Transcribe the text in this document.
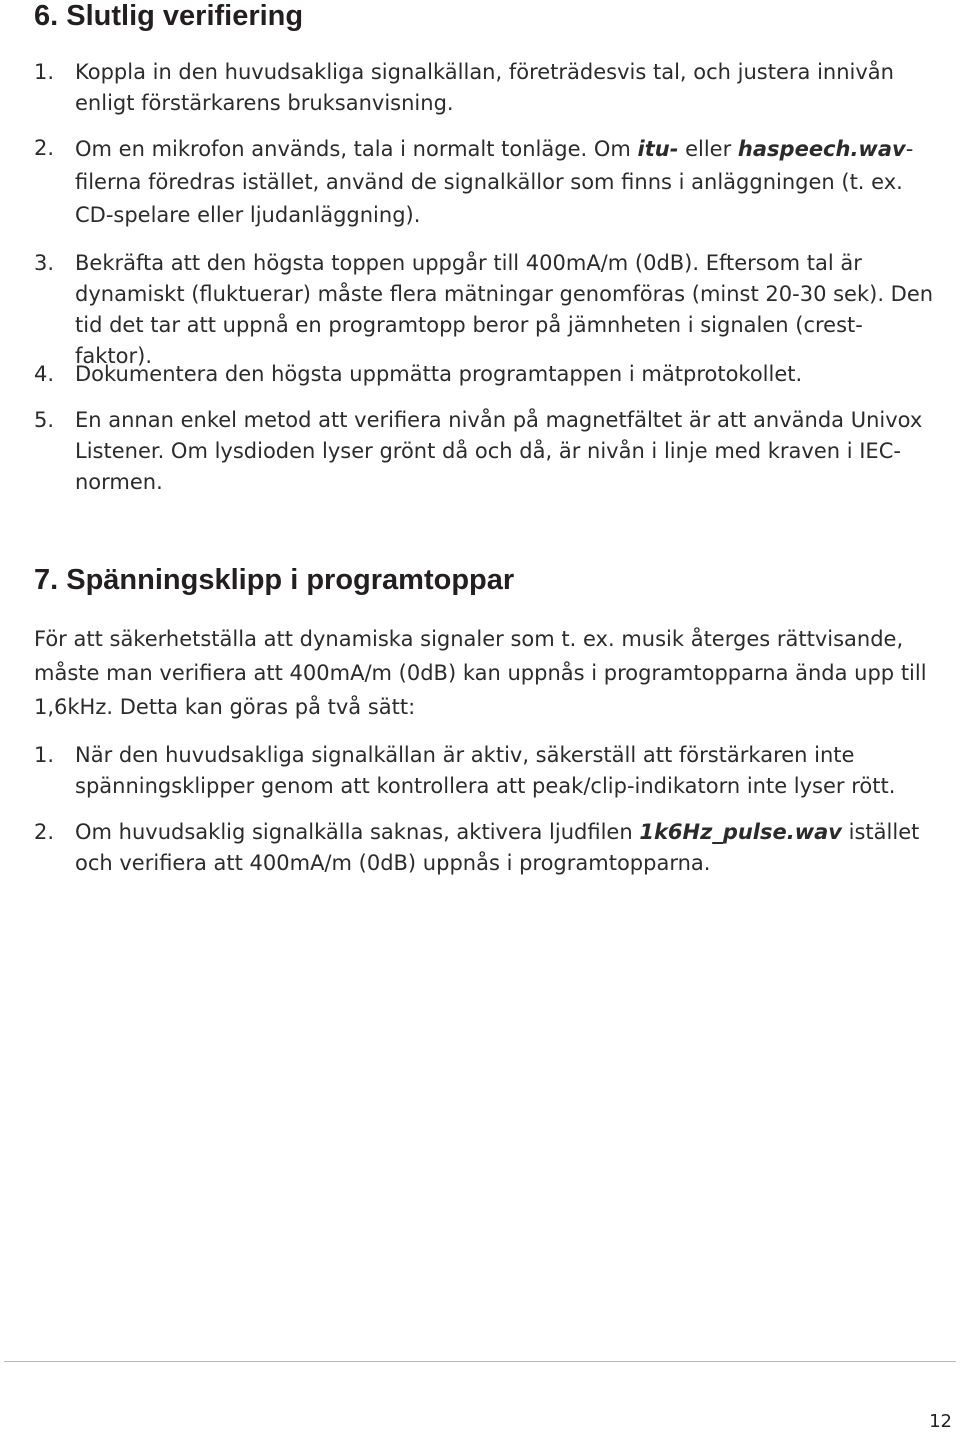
6. Slutlig verifiering
1. Koppla in den huvudsakliga signalkällan, företrädesvis tal, och justera innivån enligt förstärkarens bruksanvisning.
2. Om en mikrofon används, tala i normalt tonläge. Om itu- eller haspeech.wav-filerna föredras istället, använd de signalkällor som finns i anläggningen (t. ex. CD-spelare eller ljudanläggning).
3. Bekräfta att den högsta toppen uppgår till 400mA/m (0dB). Eftersom tal är dynamiskt (fluktuerar) måste flera mätningar genomföras (minst 20-30 sek). Den tid det tar att uppnå en programtopp beror på jämnheten i signalen (crest-faktor).
4. Dokumentera den högsta uppmätta programtappen i mätprotokollet.
5. En annan enkel metod att verifiera nivån på magnetfältet är att använda Univox Listener. Om lysdioden lyser grönt då och då, är nivån i linje med kraven i IEC-normen.
7. Spänningsklipp i programtoppar

För att säkerhetställa att dynamiska signaler som t. ex. musik återges rättvisande, måste man verifiera att 400mA/m (0dB) kan uppnås i programtopparna ända upp till 1,6kHz. Detta kan göras på två sätt:

1. När den huvudsakliga signalkällan är aktiv, säkerställ att förstärkaren inte spänningsklipper genom att kontrollera att peak/clip-indikatorn inte lyser rött.
2. Om huvudsaklig signalkälla saknas, aktivera ljudfilen 1k6Hz_pulse.wav istället och verifiera att 400mA/m (0dB) uppnås i programtopparna.
12
